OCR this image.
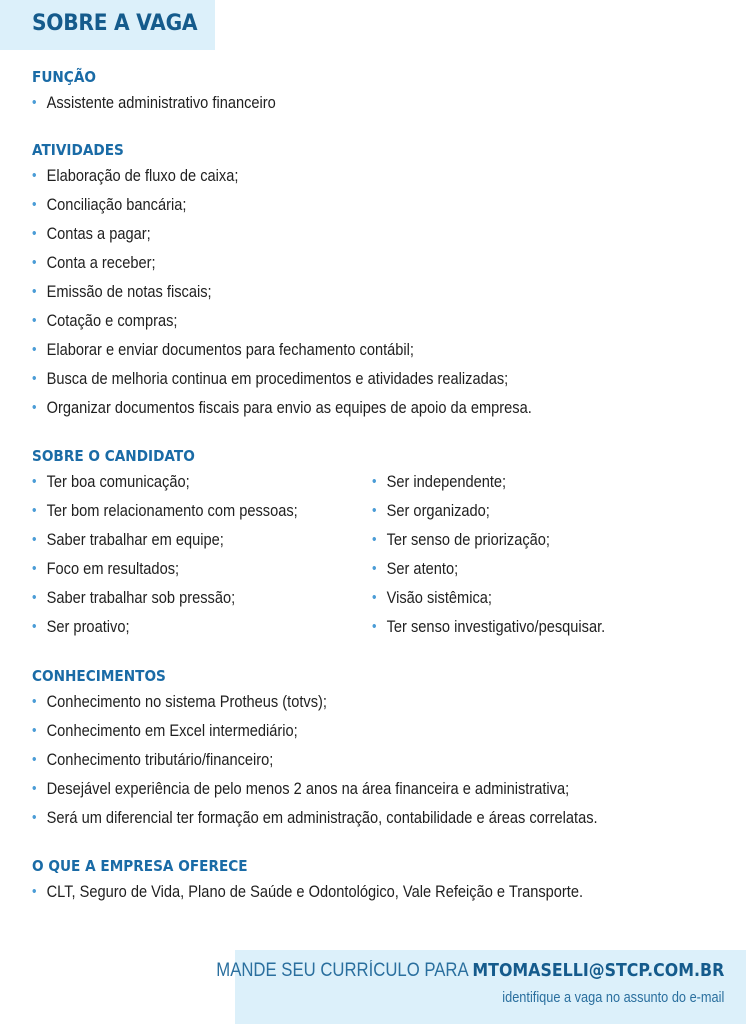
SOBRE A VAGA
FUNÇÃO
• Assistente administrativo financeiro
ATIVIDADES
• Elaboração de fluxo de caixa;
• Conciliação bancária;
• Contas a pagar;
• Conta a receber;
• Emissão de notas fiscais;
• Cotação e compras;
• Elaborar e enviar documentos para fechamento contábil;
• Busca de melhoria continua em procedimentos e atividades realizadas;
• Organizar documentos fiscais para envio as equipes de apoio da empresa.
SOBRE O CANDIDATO
• Ter boa comunicação;
• Ter bom relacionamento com pessoas;
• Saber trabalhar em equipe;
• Foco em resultados;
• Saber trabalhar sob pressão;
• Ser proativo;
• Ser independente;
• Ser organizado;
• Ter senso de priorização;
• Ser atento;
• Visão sistêmica;
• Ter senso investigativo/pesquisar.
CONHECIMENTOS
• Conhecimento no sistema Protheus (totvs);
• Conhecimento em Excel intermediário;
• Conhecimento tributário/financeiro;
• Desejável experiência de pelo menos 2 anos na área financeira e administrativa;
• Será um diferencial ter formação em administração, contabilidade e áreas correlatas.
O QUE A EMPRESA OFERECE
• CLT, Seguro de Vida, Plano de Saúde e Odontológico, Vale Refeição e Transporte.
MANDE SEU CURRÍCULO PARA MTOMASELLI@STCP.COM.BR
identifique a vaga no assunto do e-mail
